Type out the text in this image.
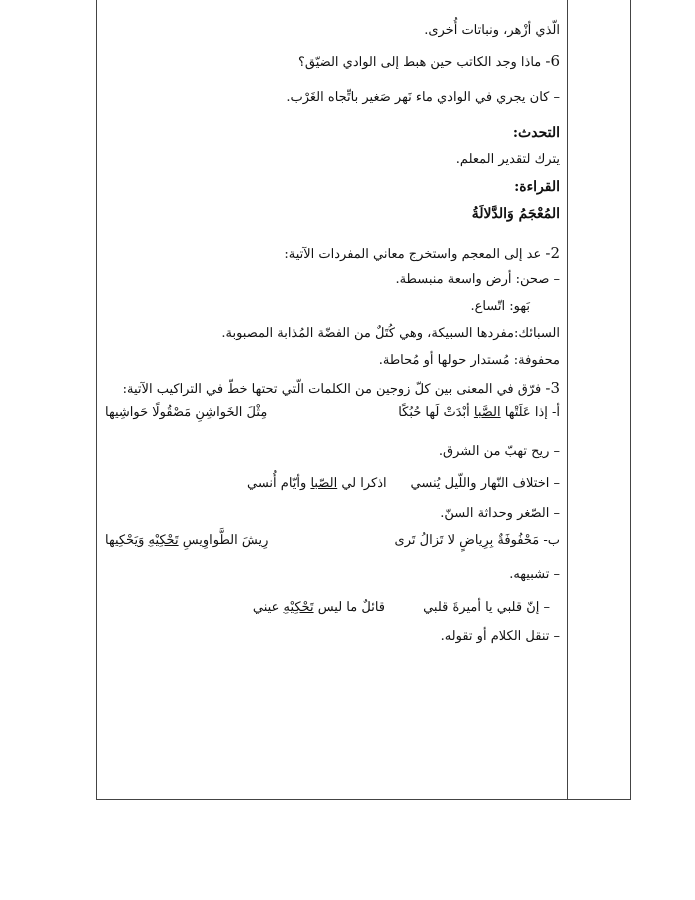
الّذي أزْهر، ونباتات أُخرى.
6- ماذا وجد الكاتب حين هبط إلى الوادي الضيّق؟
– كان يجري في الوادي ماء نَهر صَغير باتِّجاه الغَرْب.
التحدث:
يترك لتقدير المعلم.
القراءة:
المُعْجَمُ وَالدَّلالَةُ
2- عد إلى المعجم واستخرج معاني المفردات الآتية:
– صحن: أرض واسعة منبسطة.
بَهو: اتّساع.
السبائك:مفردها السبيكة، وهي كُتَلٌ من الفضّة المُذابة المصبوبة.
محفوفة: مُستدار حولها أو مُحاطة.
3- فرّق في المعنى بين كلّ زوجين من الكلمات الّتي تحتها خطّ في التراكيب الآتية:
أ- إذا عَلَتْها الصَّبا أبْدَتْ لَها حُبُكًا
مِثْلَ الخَواشِنِ مَصْقُولًا حَواشِيها
– ريح تهبّ من الشرق.
– اختلاف النّهار واللّيل يُنسي
اذكرا لي الصّبا وأيّام أُنسي
– الصّغر وحداثة السنّ.
ب- مَحْفُوفَةٌ بِرِياضٍ لا تَزالُ تَرى
رِيشَ الطَّواوِيسِ تَحْكِيْهِ وَيَحْكِيها
– تشبيهه.
– إنّ قلبي يا أميرةَ قلبي
قائلٌ ما ليس تَحْكِيْهِ عيني
– تنقل الكلام أو تقوله.
